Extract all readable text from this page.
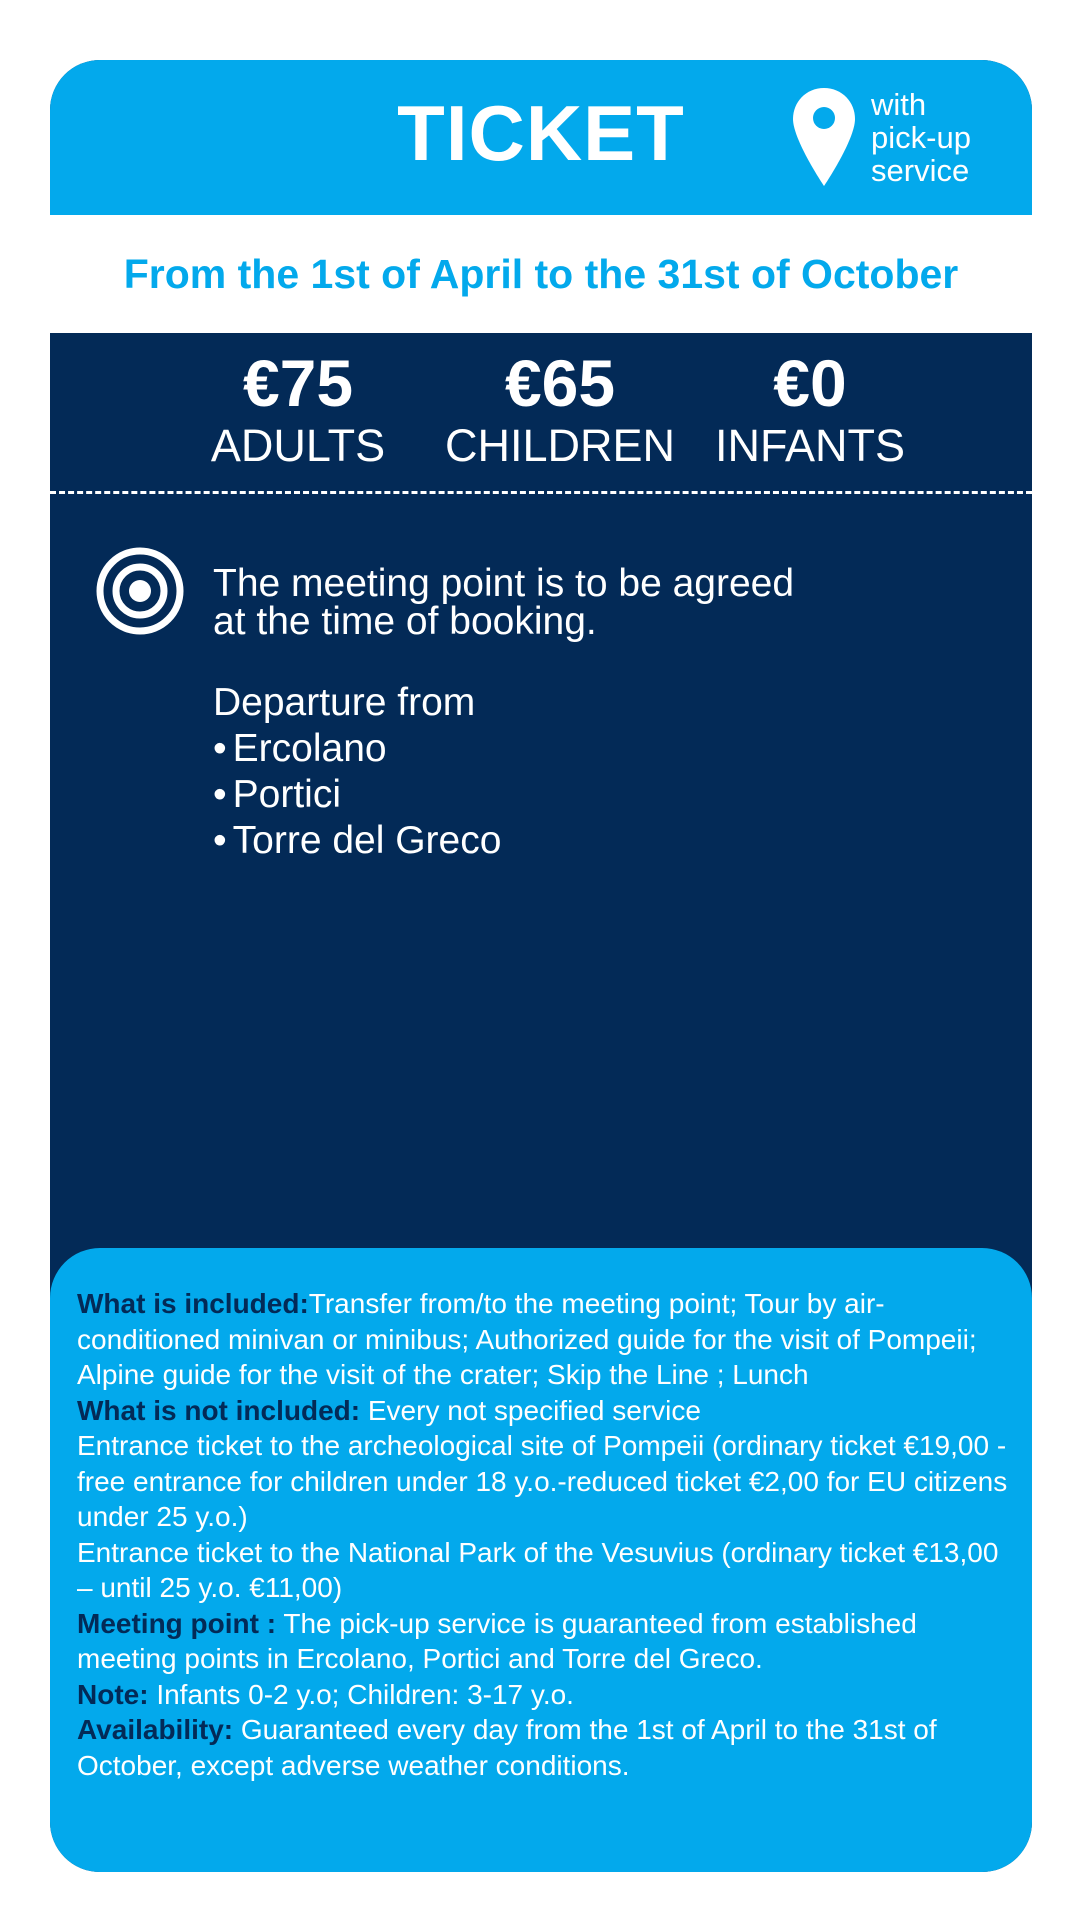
TICKET	with
pick-up
service
From the 1st of April to the 31st of October
€75
ADULTS
€65
CHILDREN
€0
INFANTS
The meeting point is to be agreed
at the time of booking.
Departure from
• Ercolano
• Portici
• Torre del Greco

What is included:Transfer from/to the meeting point; Tour by air-conditioned minivan or minibus; Authorized guide for the visit of Pompeii; Alpine guide for the visit of the crater; Skip the Line ; Lunch

What is not included: Every not specified service

Entrance ticket to the archeological site of Pompeii (ordinary ticket €19,00 - free entrance for children under 18 y.o.-reduced ticket €2,00 for EU citizens under 25 y.o.)

Entrance ticket to the National Park of the Vesuvius (ordinary ticket €13,00 – until 25 y.o. €11,00)

Meeting point : The pick-up service is guaranteed from established meeting points in Ercolano, Portici and Torre del Greco.

Note: Infants 0-2 y.o; Children: 3-17 y.o.

Availability: Guaranteed every day from the 1st of April to the 31st of October, except adverse weather conditions.
